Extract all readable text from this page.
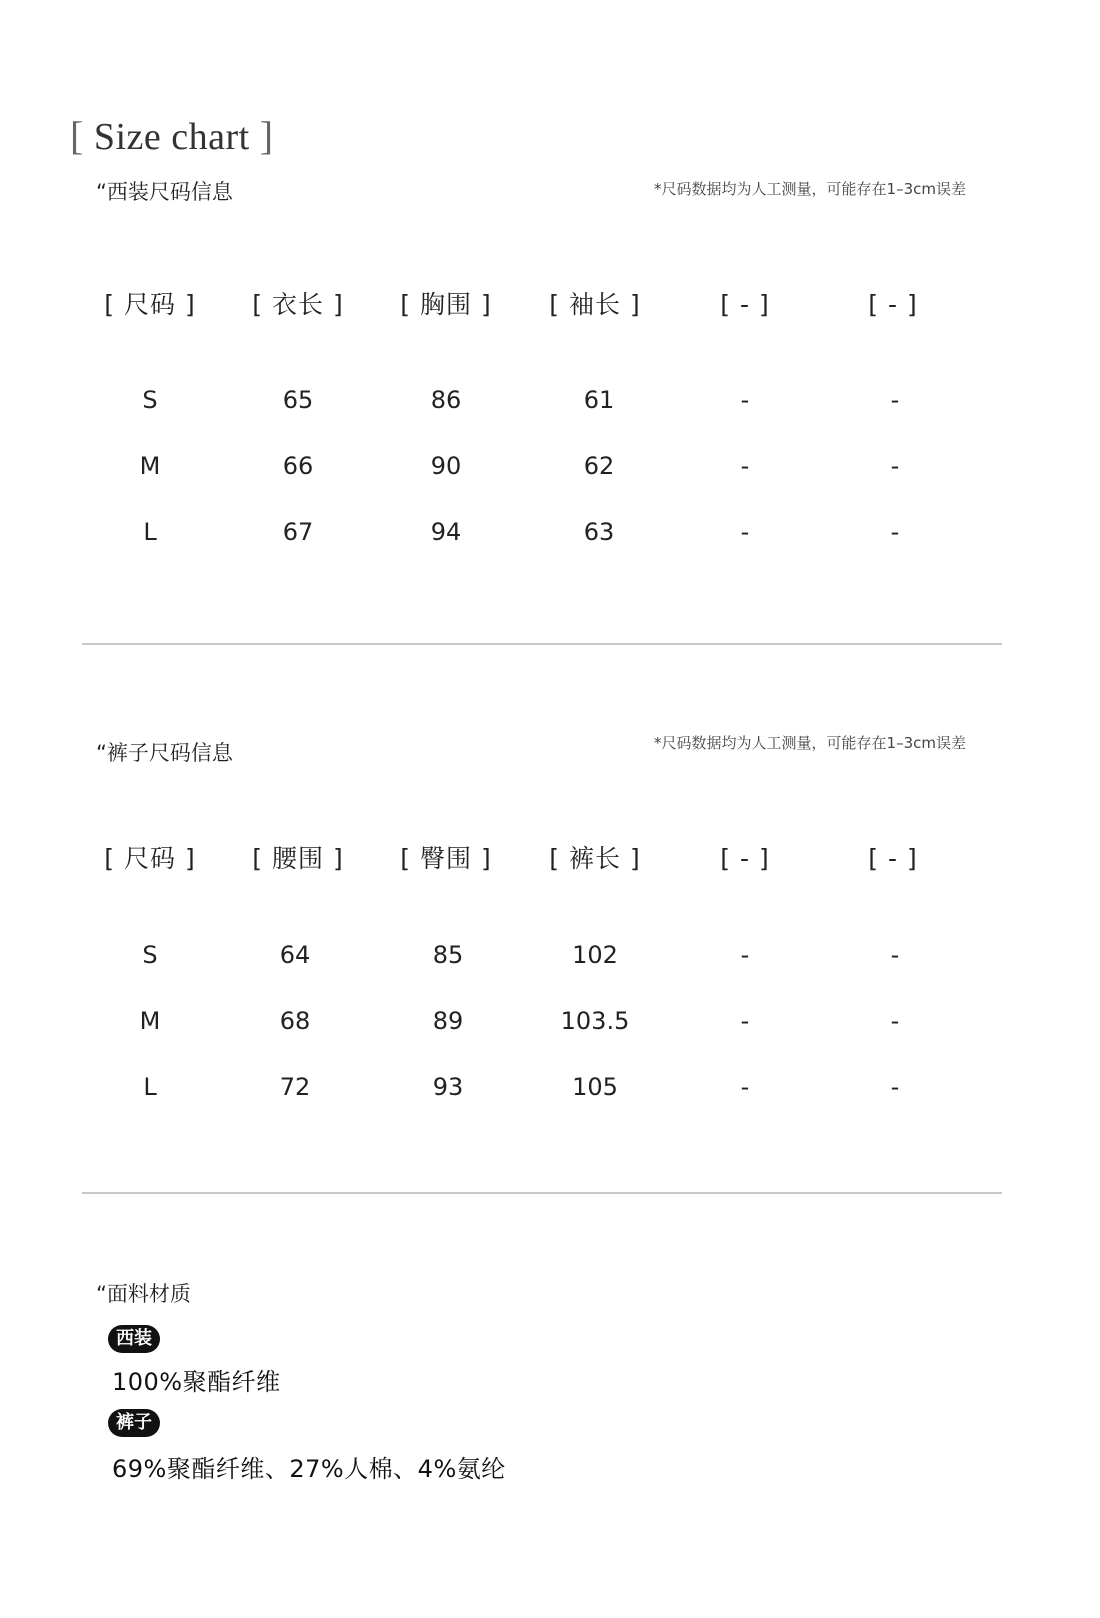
[ Size chart ]
“西装尺码信息	*尺码数据均为人工测量，可能存在1–3cm误差
[ 尺码 ]	[ 衣长 ]	[ 胸围 ]	[ 袖长 ]	[ - ]	[ - ]
S	65	86	61	-	-
M	66	90	62	-	-
L	67	94	63	-	-
“裤子尺码信息	*尺码数据均为人工测量，可能存在1–3cm误差
[ 尺码 ]	[ 腰围 ]	[ 臀围 ]	[ 裤长 ]	[ - ]	[ - ]
S	64	85	102	-	-
M	68	89	103.5	-	-
L	72	93	105	-	-
“面料材质
西装
100%聚酯纤维
裤子
69%聚酯纤维、27%人棉、4%氨纶
